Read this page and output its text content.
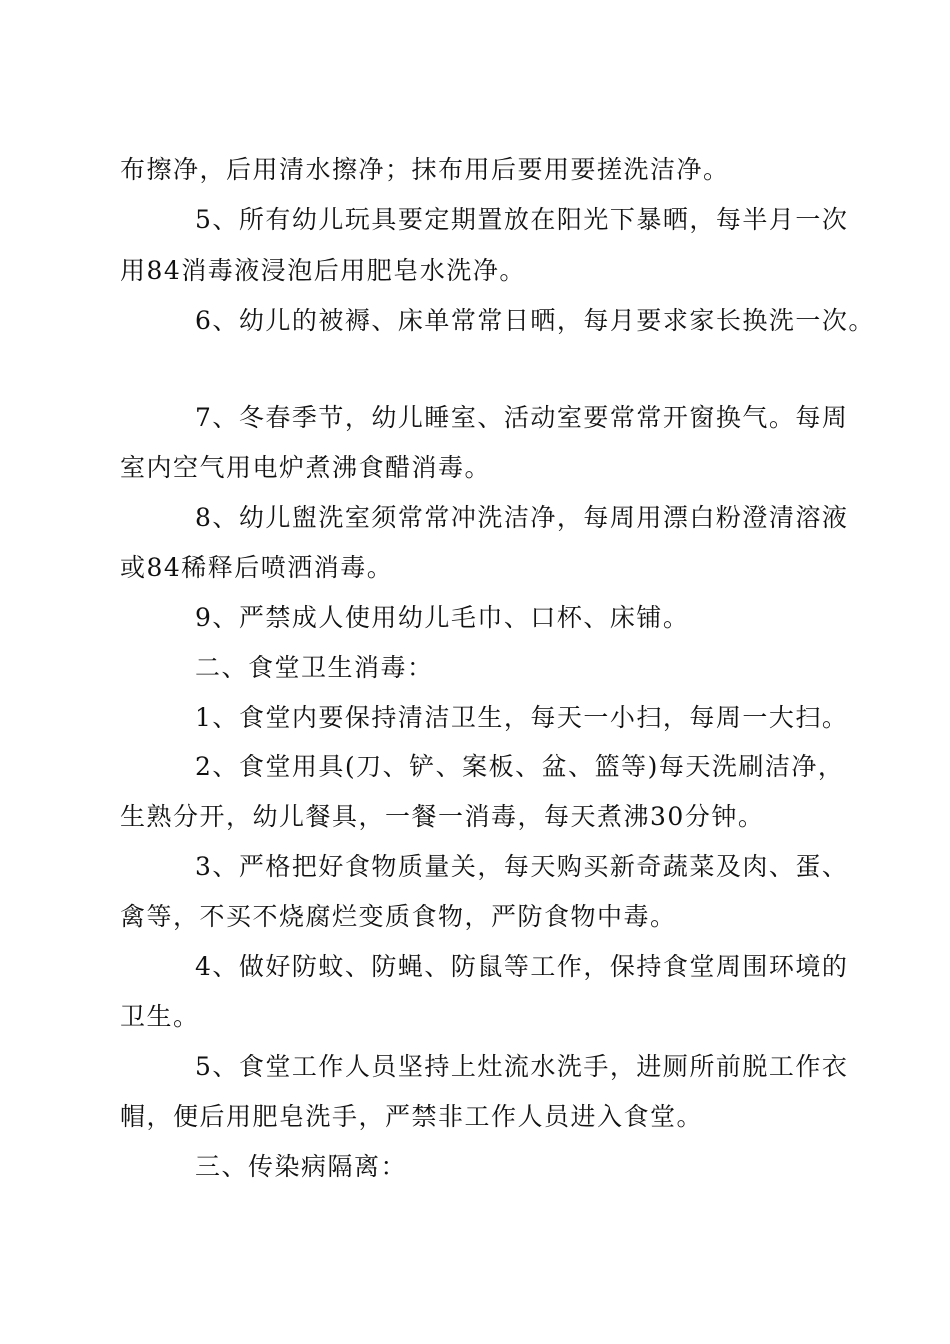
布擦净，后用清水擦净；抹布用后要用要搓洗洁净。
5、所有幼儿玩具要定期置放在阳光下暴晒，每半月一次
用84消毒液浸泡后用肥皂水洗净。
6、幼儿的被褥、床单常常日晒，每月要求家长换洗一次。
7、冬春季节，幼儿睡室、活动室要常常开窗换气。每周
室内空气用电炉煮沸食醋消毒。
8、幼儿盥洗室须常常冲洗洁净，每周用漂白粉澄清溶液
或84稀释后喷洒消毒。
9、严禁成人使用幼儿毛巾、口杯、床铺。
二、食堂卫生消毒：
1、食堂内要保持清洁卫生，每天一小扫，每周一大扫。
2、食堂用具(刀、铲、案板、盆、篮等)每天洗刷洁净，
生熟分开，幼儿餐具，一餐一消毒，每天煮沸30分钟。
3、严格把好食物质量关，每天购买新奇蔬菜及肉、蛋、
禽等，不买不烧腐烂变质食物，严防食物中毒。
4、做好防蚊、防蝇、防鼠等工作，保持食堂周围环境的
卫生。
5、食堂工作人员坚持上灶流水洗手，进厕所前脱工作衣
帽，便后用肥皂洗手，严禁非工作人员进入食堂。
三、传染病隔离：
